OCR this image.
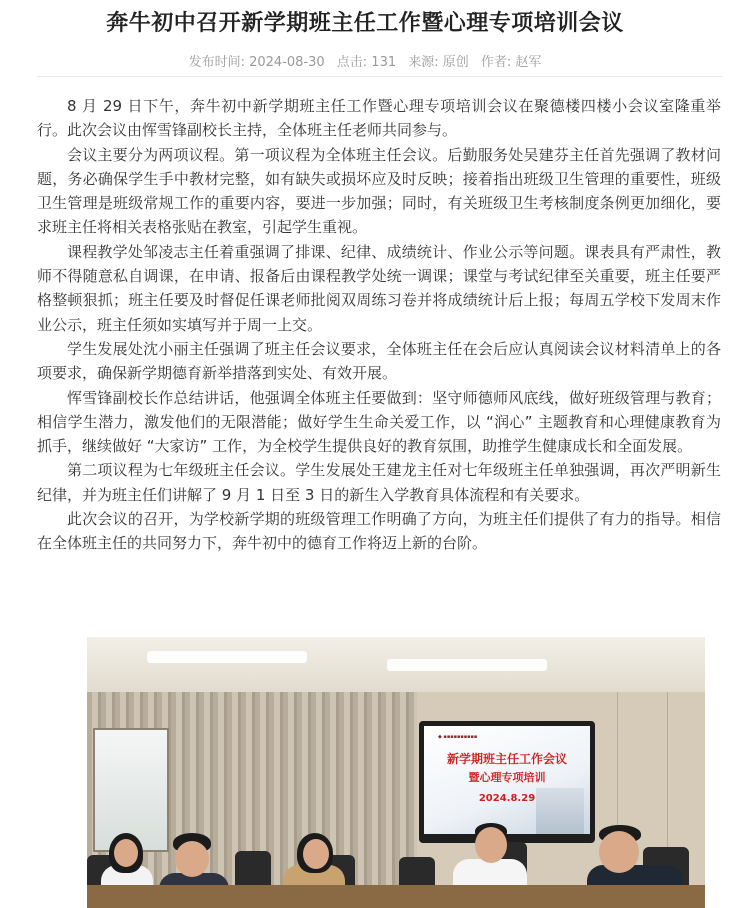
奔牛初中召开新学期班主任工作暨心理专项培训会议
发布时间: 2024-08-30 点击: 131 来源: 原创 作者: 赵军

8 月 29 日下午，奔牛初中新学期班主任工作暨心理专项培训会议在聚德楼四楼小会议室隆重举行。此次会议由恽雪锋副校长主持，全体班主任老师共同参与。

会议主要分为两项议程。第一项议程为全体班主任会议。后勤服务处吴建芬主任首先强调了教材问题，务必确保学生手中教材完整，如有缺失或损坏应及时反映；接着指出班级卫生管理的重要性，班级卫生管理是班级常规工作的重要内容，要进一步加强；同时，有关班级卫生考核制度条例更加细化，要求班主任将相关表格张贴在教室，引起学生重视。

课程教学处邹凌志主任着重强调了排课、纪律、成绩统计、作业公示等问题。课表具有严肃性，教师不得随意私自调课，在申请、报备后由课程教学处统一调课；课堂与考试纪律至关重要，班主任要严格整顿狠抓；班主任要及时督促任课老师批阅双周练习卷并将成绩统计后上报；每周五学校下发周末作业公示，班主任须如实填写并于周一上交。

学生发展处沈小丽主任强调了班主任会议要求，全体班主任在会后应认真阅读会议材料清单上的各项要求，确保新学期德育新举措落到实处、有效开展。

恽雪锋副校长作总结讲话，他强调全体班主任要做到：坚守师德师风底线，做好班级管理与教育；相信学生潜力，激发他们的无限潜能；做好学生生命关爱工作，以 “润心” 主题教育和心理健康教育为抓手，继续做好 “大家访” 工作，为全校学生提供良好的教育氛围，助推学生健康成长和全面发展。

第二项议程为七年级班主任会议。学生发展处王建龙主任对七年级班主任单独强调，再次严明新生纪律，并为班主任们讲解了 9 月 1 日至 3 日的新生入学教育具体流程和有关要求。

此次会议的召开，为学校新学期的班级管理工作明确了方向，为班主任们提供了有力的指导。相信在全体班主任的共同努力下，奔牛初中的德育工作将迈上新的台阶。

◆ ▪▪▪▪▪▪▪▪▪▪
新学期班主任工作会议
暨心理专项培训
2024.8.29
